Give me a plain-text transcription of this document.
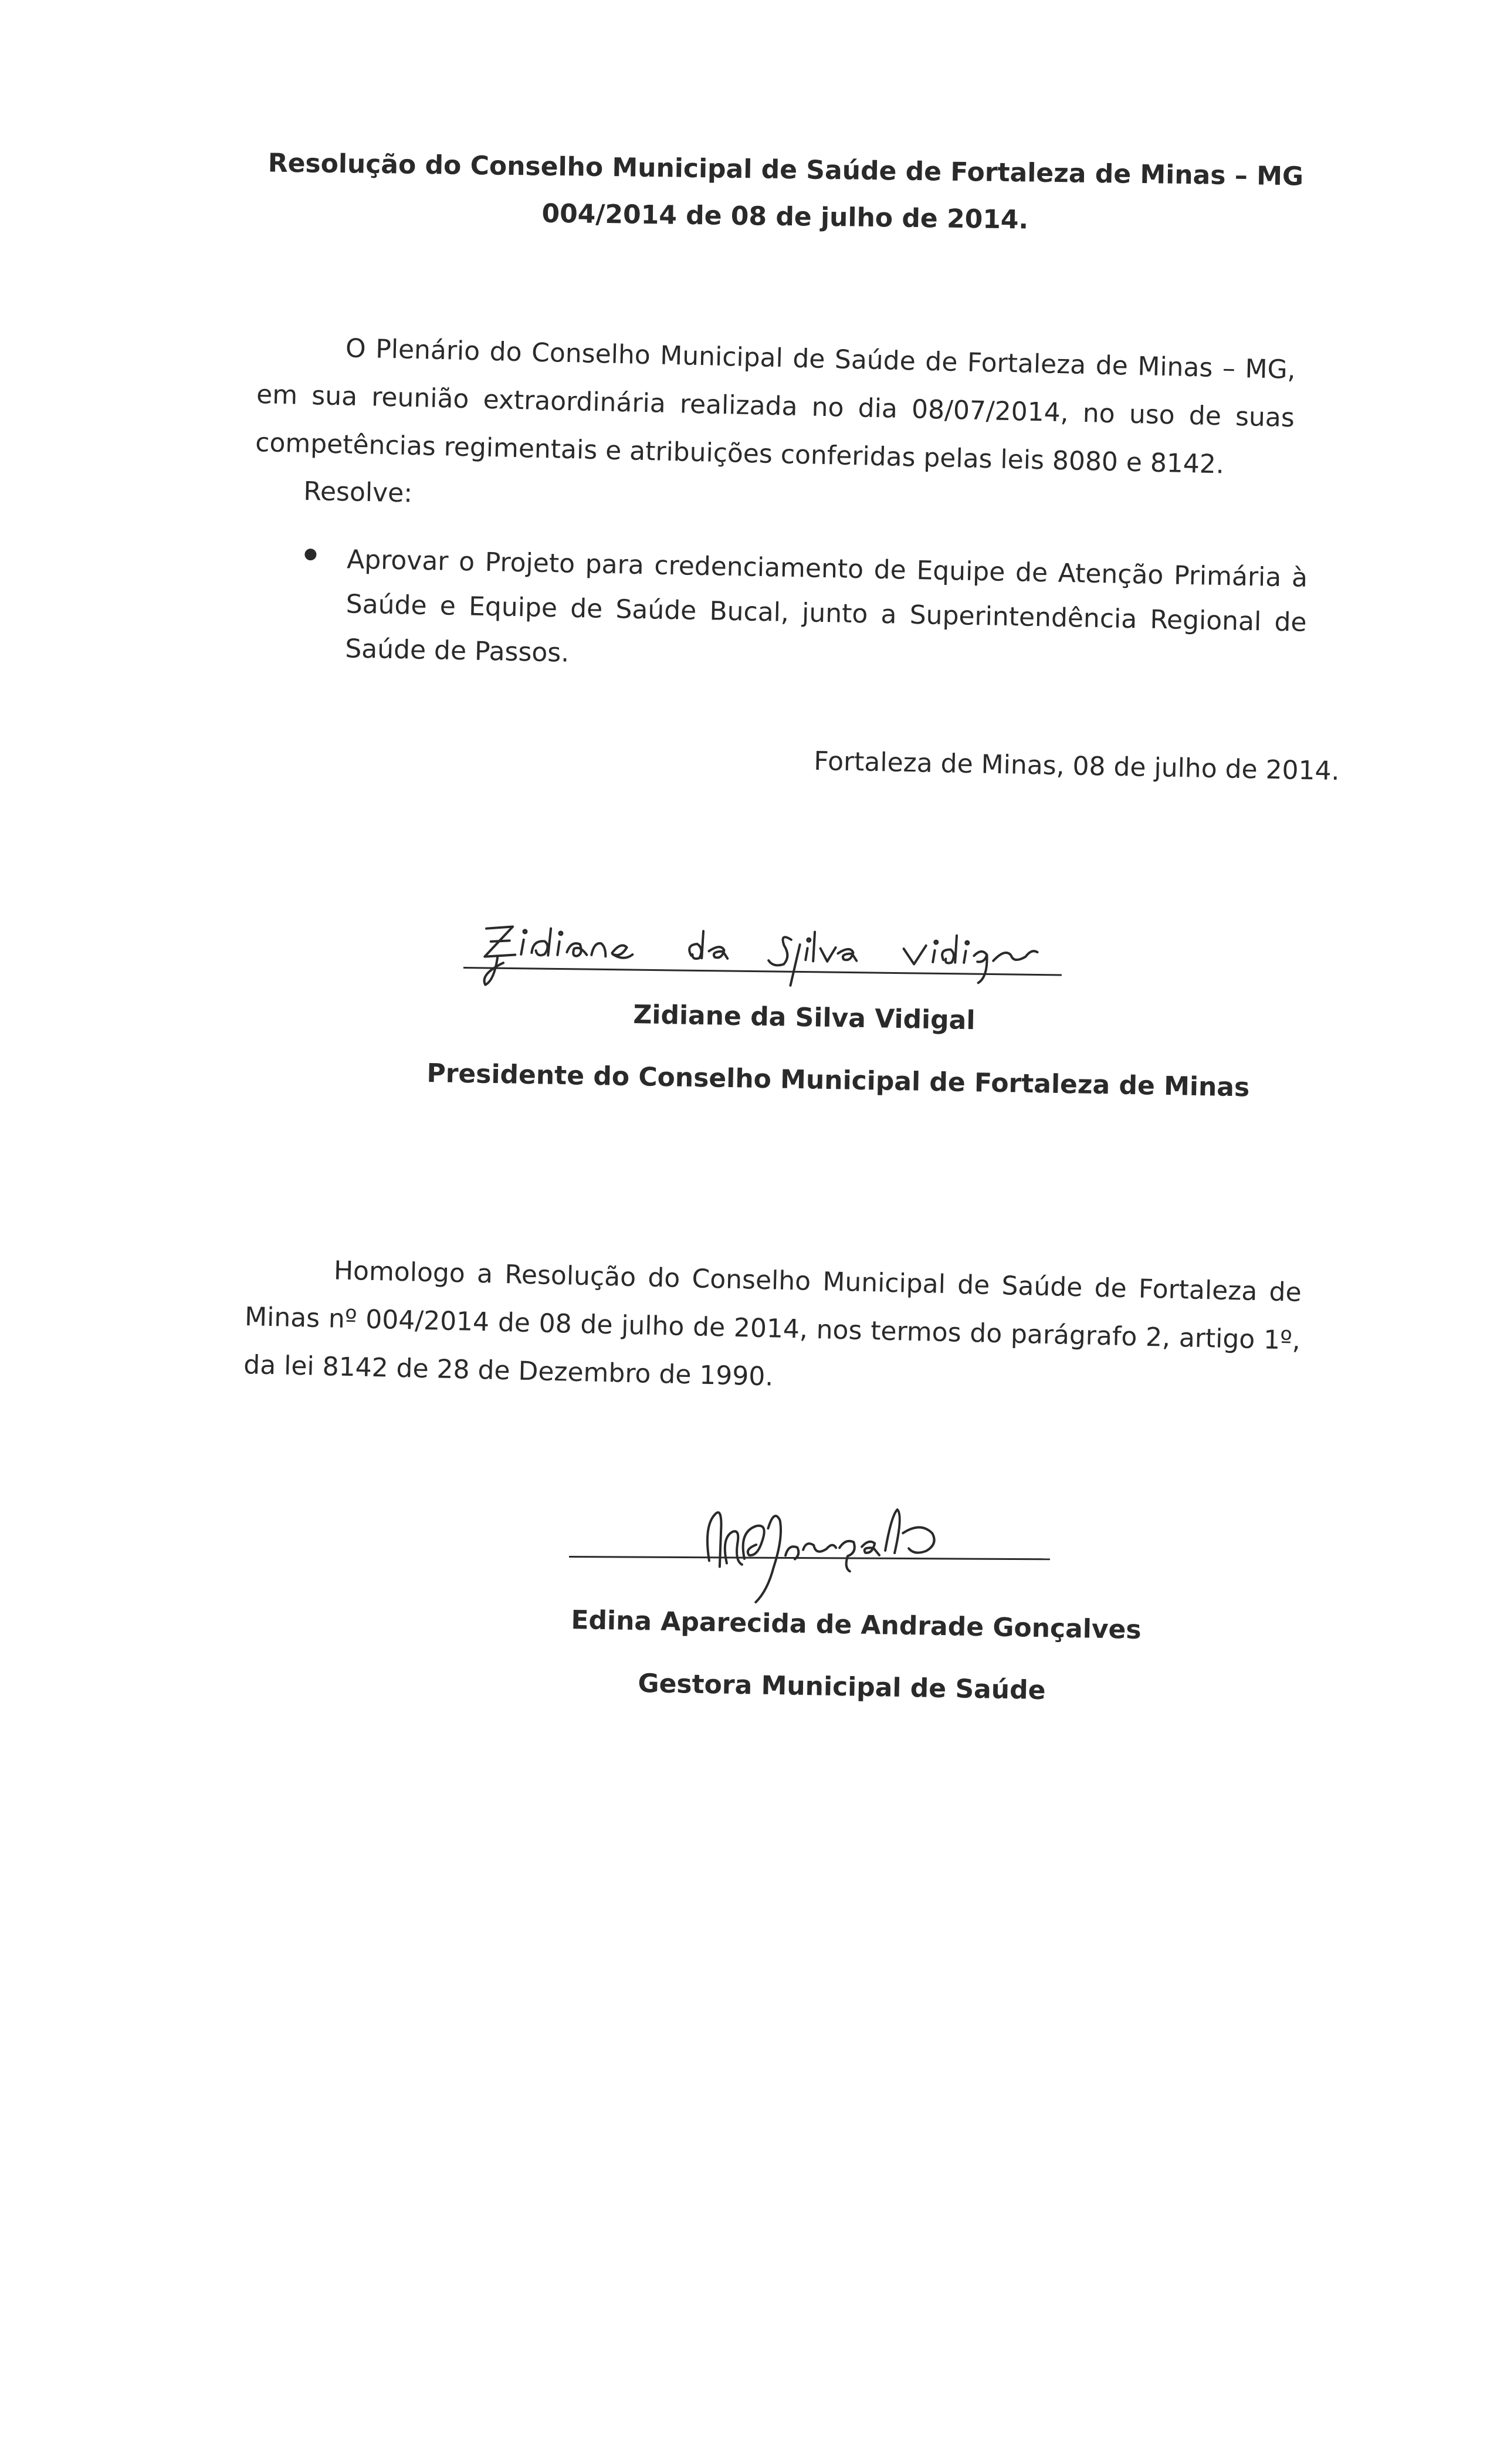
Resolução do Conselho Municipal de Saúde de Fortaleza de Minas – MG 004/2014 de 08 de julho de 2014.

O Plenário do Conselho Municipal de Saúde de Fortaleza de Minas – MG, em sua reunião extraordinária realizada no dia 08/07/2014, no uso de suas competências regimentais e atribuições conferidas pelas leis 8080 e 8142.

Resolve:
Aprovar o Projeto para credenciamento de Equipe de Atenção Primária à Saúde e Equipe de Saúde Bucal, junto a Superintendência Regional de Saúde de Passos.
Fortaleza de Minas, 08 de julho de 2014.
Zidiane da Silva Vidigal
Presidente do Conselho Municipal de Fortaleza de Minas

Homologo a Resolução do Conselho Municipal de Saúde de Fortaleza de Minas nº 004/2014 de 08 de julho de 2014, nos termos do parágrafo 2, artigo 1º, da lei 8142 de 28 de Dezembro de 1990.

Edina Aparecida de Andrade Gonçalves
Gestora Municipal de Saúde
